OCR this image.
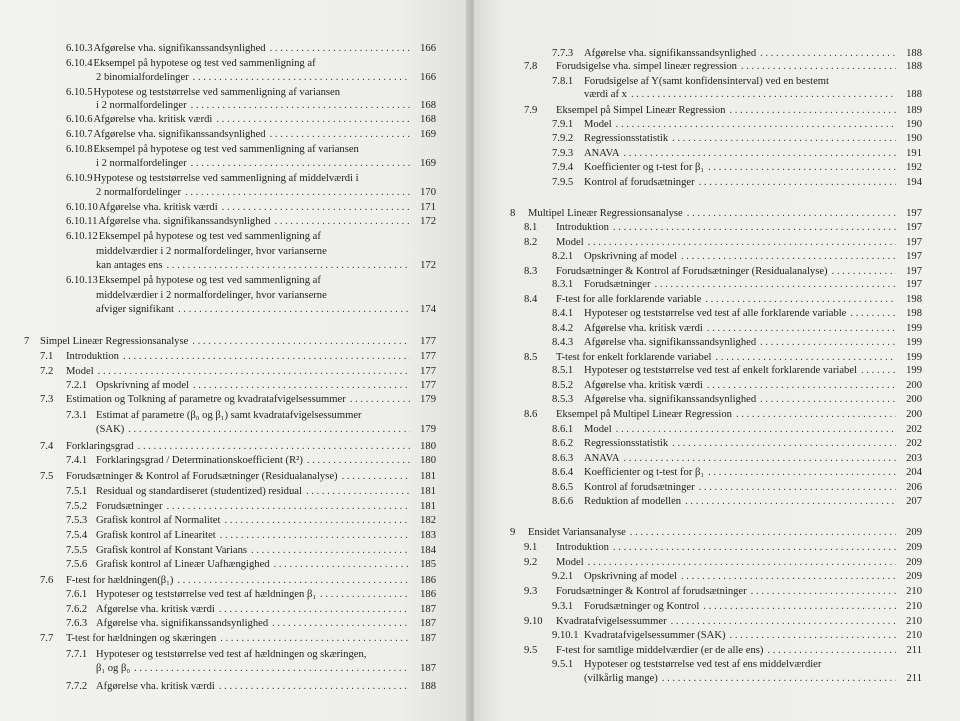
6.10.3 Afgørelse vha. signifikanssandsynlighed . . .	166
6.10.4 Eksempel på hypotese og test ved sammenligning af
2 binomialfordelinger . . .	166
6.10.5 Hypotese og teststørrelse ved sammenligning af variansen
i 2 normalfordelinger . . .	168
6.10.6 Afgørelse vha. kritisk værdi . . .	168
6.10.7 Afgørelse vha. signifikanssandsynlighed . . .	169
6.10.8 Eksempel på hypotese og test ved sammenligning af variansen
i 2 normalfordelinger . . .	169
6.10.9 Hypotese og teststørrelse ved sammenligning af middelværdi i
2 normalfordelinger . . .	170
6.10.10 Afgørelse vha. kritisk værdi . . .	171
6.10.11 Afgørelse vha. signifikanssandsynlighed . . .	172
6.10.12 Eksempel på hypotese og test ved sammenligning af
middelværdier i 2 normalfordelinger, hvor varianserne
kan antages ens . . .	172
6.10.13 Eksempel på hypotese og test ved sammenligning af
middelværdier i 2 normalfordelinger, hvor varianserne
afviger signifikant . . .	174
7	Simpel Lineær Regressionsanalyse . . .	177
7.1	Introduktion . . .	177
7.2	Model . . .	177
7.2.1 Opskrivning af model . . .	177
7.3	Estimation og Tolkning af parametre og kvadratafvigelsessummer . . .	179
7.3.1 Estimat af parametre (β₀ og β₁) samt kvadratafvigelsessummer
(SAK) . . .	179
7.4	Forklaringsgrad . . .	180
7.4.1 Forklaringsgrad / Determinationskoefficient (R²) . . .	180
7.5	Forudsætninger & Kontrol af Forudsætninger (Residualanalyse) . . .	181
7.5.1 Residual og standardiseret (studentized) residual . . .	181
7.5.2 Forudsætninger . . .	181
7.5.3 Grafisk kontrol af Normalitet . . .	182
7.5.4 Grafisk kontrol af Linearitet . . .	183
7.5.5 Grafisk kontrol af Konstant Varians . . .	184
7.5.6 Grafisk kontrol af Lineær Uafhængighed . . .	185
7.6	F-test for hældningen(β₁) . . .	186
7.6.1 Hypoteser og teststørrelse ved test af hældningen β₁ . . .	186
7.6.2 Afgørelse vha. kritisk værdi . . .	187
7.6.3 Afgørelse vha. signifikanssandsynlighed . . .	187
7.7	T-test for hældningen og skæringen . . .	187
7.7.1 Hypoteser og teststørrelse ved test af hældningen og skæringen,
β₁ og β₀ . . .	187
7.7.2 Afgørelse vha. kritisk værdi . . .	188
7.7.3	Afgørelse vha. signifikanssandsynlighed . . .	188
7.8	Forudsigelse vha. simpel lineær regression . . .	188
7.8.1	Forudsigelse af Y(samt konfidensinterval) ved en bestemt
værdi af x . . .	188
7.9	Eksempel på Simpel Lineær Regression . . .	189
7.9.1	Model . . .	190
7.9.2	Regressionsstatistik . . .	190
7.9.3	ANAVA . . .	191
7.9.4	Koefficienter og t-test for β₁ . . .	192
7.9.5	Kontrol af forudsætninger . . .	194
8	Multipel Lineær Regressionsanalyse . . .	197
8.1	Introduktion . . .	197
8.2	Model . . .	197
8.2.1	Opskrivning af model . . .	197
8.3	Forudsætninger & Kontrol af Forudsætninger (Residualanalyse) . . .	197
8.3.1	Forudsætninger . . .	197
8.4	F-test for alle forklarende variable . . .	198
8.4.1	Hypoteser og teststørrelse ved test af alle forklarende variable . . .	198
8.4.2	Afgørelse vha. kritisk værdi . . .	199
8.4.3	Afgørelse vha. signifikanssandsynlighed . . .	199
8.5	T-test for enkelt forklarende variabel . . .	199
8.5.1	Hypoteser og teststørrelse ved test af enkelt forklarende variabel . . .	199
8.5.2	Afgørelse vha. kritisk værdi . . .	200
8.5.3	Afgørelse vha. signifikanssandsynlighed . . .	200
8.6	Eksempel på Multipel Lineær Regression . . .	200
8.6.1	Model . . .	202
8.6.2	Regressionsstatistik . . .	202
8.6.3	ANAVA . . .	203
8.6.4	Koefficienter og t-test for β₁ . . .	204
8.6.5	Kontrol af forudsætninger . . .	206
8.6.6	Reduktion af modellen . . .	207
9	Ensidet Variansanalyse . . .	209
9.1	Introduktion . . .	209
9.2	Model . . .	209
9.2.1	Opskrivning af model . . .	209
9.3	Forudsætninger & Kontrol af forudsætninger . . .	210
9.3.1	Forudsætninger og Kontrol . . .	210
9.10	Kvadratafvigelsessummer . . .	210
9.10.1 Kvadratafvigelsessummer (SAK) . . .	210
9.5	F-test for samtlige middelværdier (er de alle ens) . . .	211
9.5.1	Hypoteser og teststørrelse ved test af ens middelværdier
(vilkårlig mange) . . .	211
